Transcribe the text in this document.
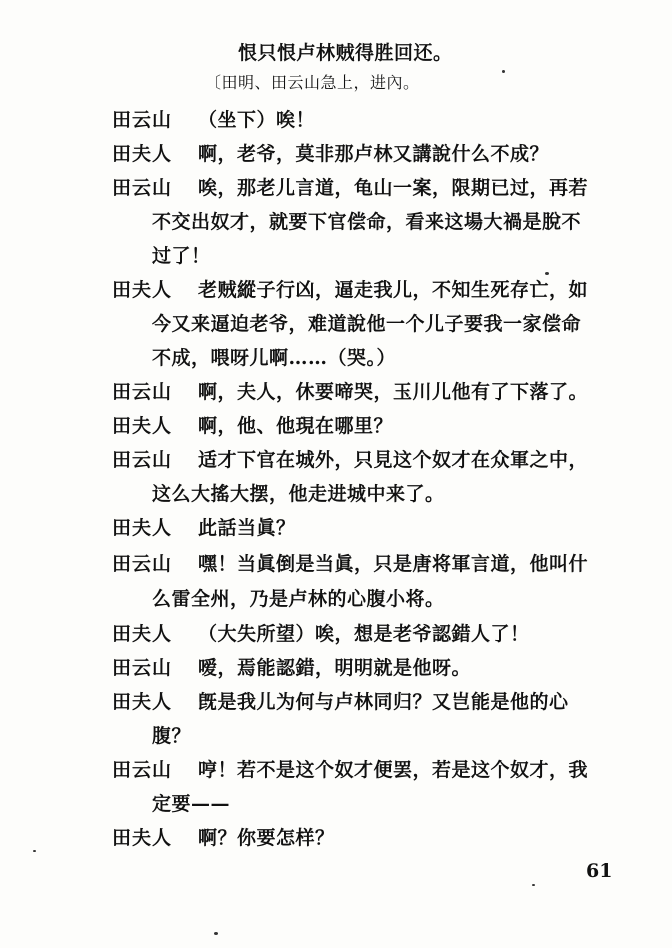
恨只恨卢林贼得胜回还。
〔田明、田云山急上，进內。
田云山 （坐下）唉！
田夫人 啊，老爷，莫非那卢林又講說什么不成？
田云山 唉，那老儿言道，龟山一案，限期已过，再若
不交出奴才，就要下官偿命，看来这場大禍是脫不
过了！
田夫人 老贼縱子行凶，逼走我儿，不知生死存亡，如
今又来逼迫老爷，难道說他一个儿子要我一家偿命
不成，喂呀儿啊……（哭。）
田云山 啊，夫人，休要啼哭，玉川儿他有了下落了。
田夫人 啊，他、他現在哪里？
田云山 适才下官在城外，只見这个奴才在众軍之中，
这么大搖大摆，他走进城中来了。
田夫人 此話当眞？
田云山 嘿！当眞倒是当眞，只是唐将軍言道，他叫什
么雷全州，乃是卢林的心腹小将。
田夫人 （大失所望）唉，想是老爷認錯人了！
田云山 嗳，焉能認錯，明明就是他呀。
田夫人 旣是我儿为何与卢林同归？又岂能是他的心
腹？
田云山 哼！若不是这个奴才便罢，若是这个奴才，我
定要——
田夫人 啊？你要怎样？
61
